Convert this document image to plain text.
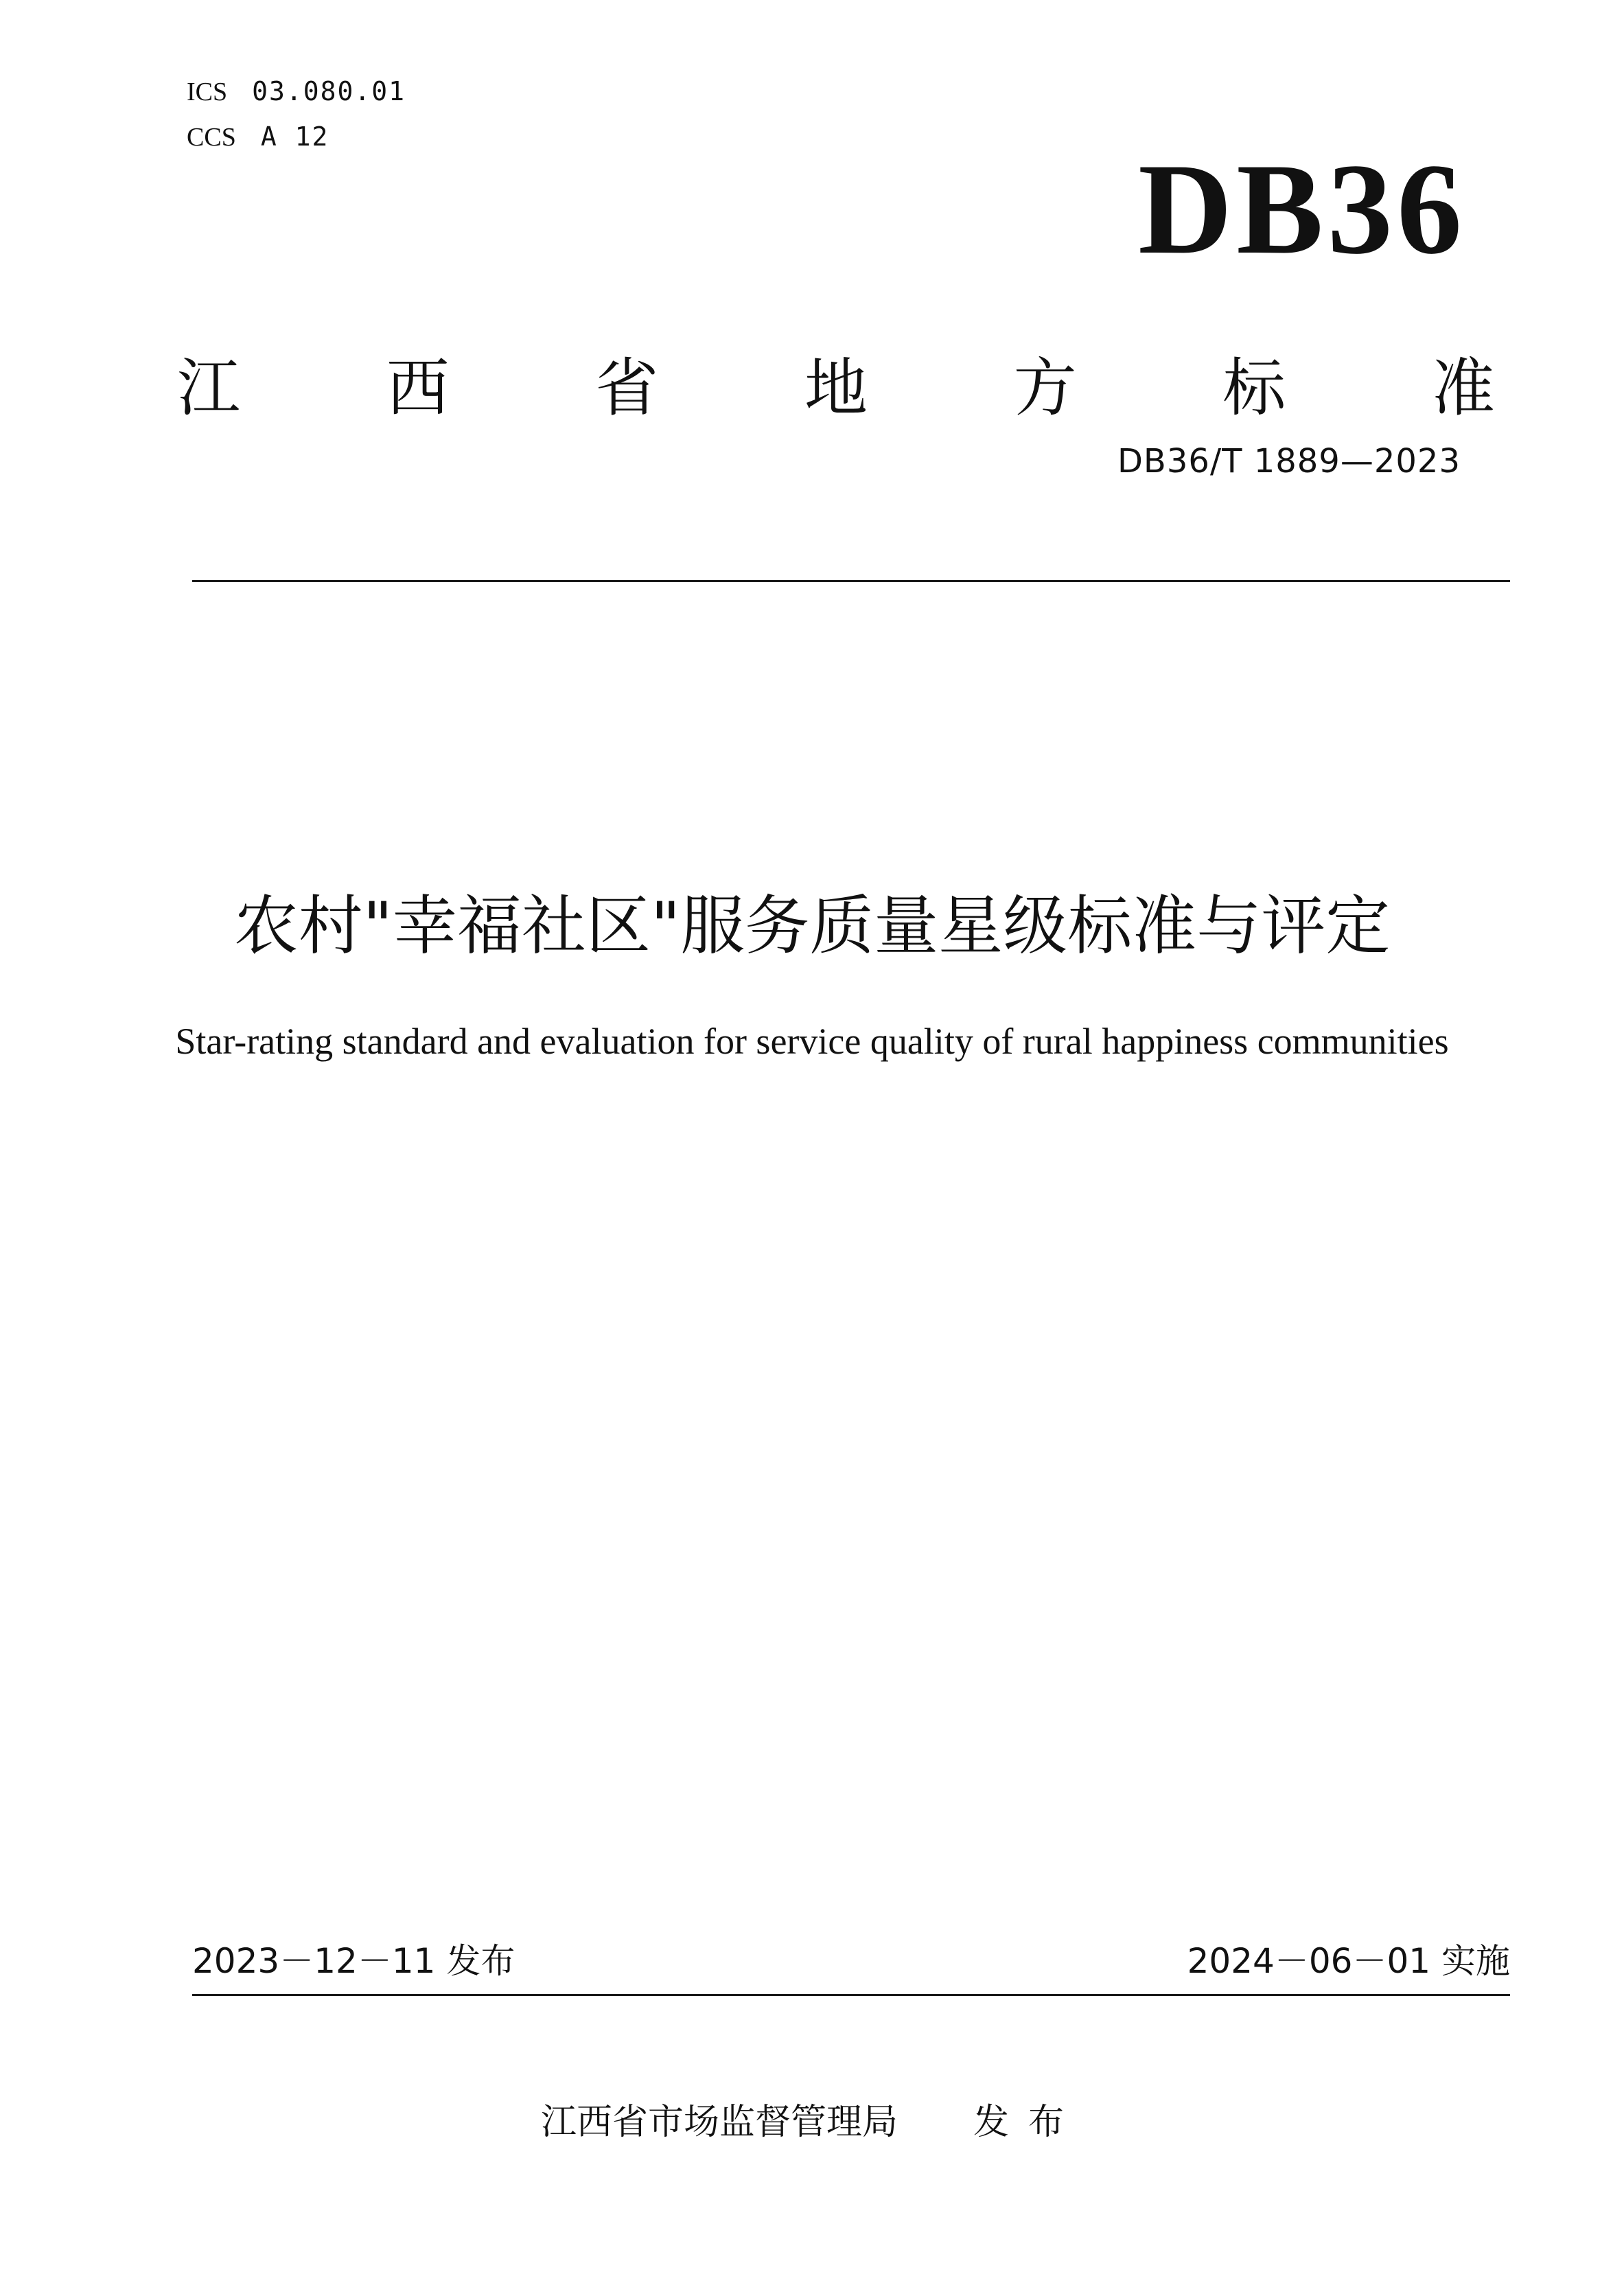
ICS 03.080.01
CCS A 12
DB36
江 西 省 地 方 标 准
DB36/T 1889—2023
农村"幸福社区"服务质量星级标准与评定
Star-rating standard and evaluation for service quality of rural happiness communities
2023－12－11 发布	2024－06－01 实施
江西省市场监督管理局 发布
